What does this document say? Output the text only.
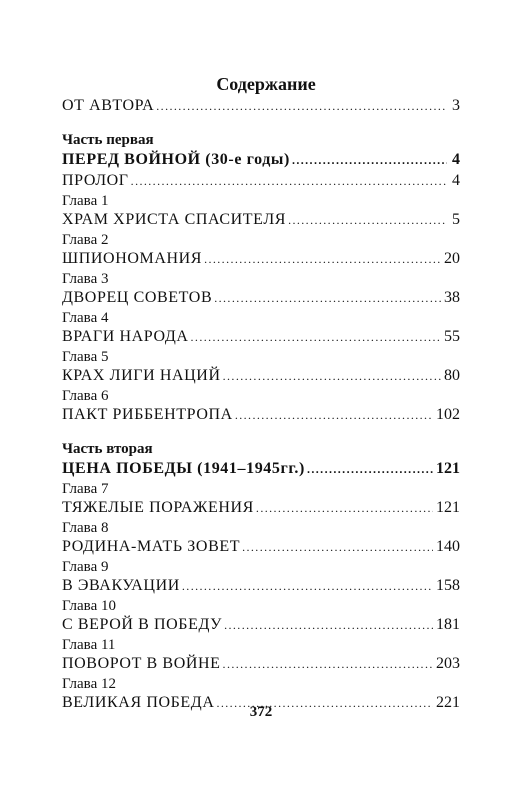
Содержание
ОТ АВТОРА .....	3
Часть первая
ПЕРЕД ВОЙНОЙ (30-е годы) .....	4
ПРОЛОГ .....	4
Глава 1
ХРАМ ХРИСТА СПАСИТЕЛЯ .....	5
Глава 2
ШПИОНОМАНИЯ .....	20
Глава 3
ДВОРЕЦ СОВЕТОВ .....	38
Глава 4
ВРАГИ НАРОДА .....	55
Глава 5
КРАХ ЛИГИ НАЦИЙ .....	80
Глава 6
ПАКТ РИББЕНТРОПА .....	102
Часть вторая
ЦЕНА ПОБЕДЫ (1941–1945гг.) .....	121
Глава 7
ТЯЖЕЛЫЕ ПОРАЖЕНИЯ .....	121
Глава 8
РОДИНА-МАТЬ ЗОВЕТ .....	140
Глава 9
В ЭВАКУАЦИИ .....	158
Глава 10
С ВЕРОЙ В ПОБЕДУ .....	181
Глава 11
ПОВОРОТ В ВОЙНЕ .....	203
Глава 12
ВЕЛИКАЯ ПОБЕДА .....	221
372
